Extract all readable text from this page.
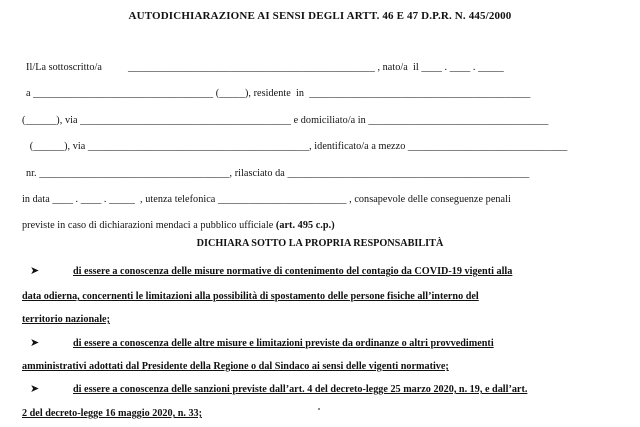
AUTODICHIARAZIONE AI SENSI DEGLI ARTT. 46 E 47 D.P.R. N. 445/2000
Il/La sottoscritto/a          ________________________________________________ , nato/a  il ____ . ____ . _____
a ___________________________________ (_____), residente  in  ___________________________________________
(______), via _________________________________________ e domiciliato/a in ___________________________________
(______), via ___________________________________________, identificato/a a mezzo _______________________________
nr. _____________________________________, rilasciato da _______________________________________________
in data ____ . ____ . _____  , utenza telefonica _________________________ , consapevole delle conseguenze penali
previste in caso di dichiarazioni mendaci a pubblico ufficiale (art. 495 c.p.)
DICHIARA SOTTO LA PROPRIA RESPONSABILITÀ
➤	di essere a conoscenza delle misure normative di contenimento del contagio da COVID-19 vigenti alla
data odierna, concernenti le limitazioni alla possibilità di spostamento delle persone fisiche all’interno del
territorio nazionale;
➤	di essere a conoscenza delle altre misure e limitazioni previste da ordinanze o altri provvedimenti
amministrativi adottati dal Presidente della Regione o dal Sindaco ai sensi delle vigenti normative;
➤	di essere a conoscenza delle sanzioni previste dall’art. 4 del decreto-legge 25 marzo 2020, n. 19, e dall’art.
2 del decreto-legge 16 maggio 2020, n. 33;
